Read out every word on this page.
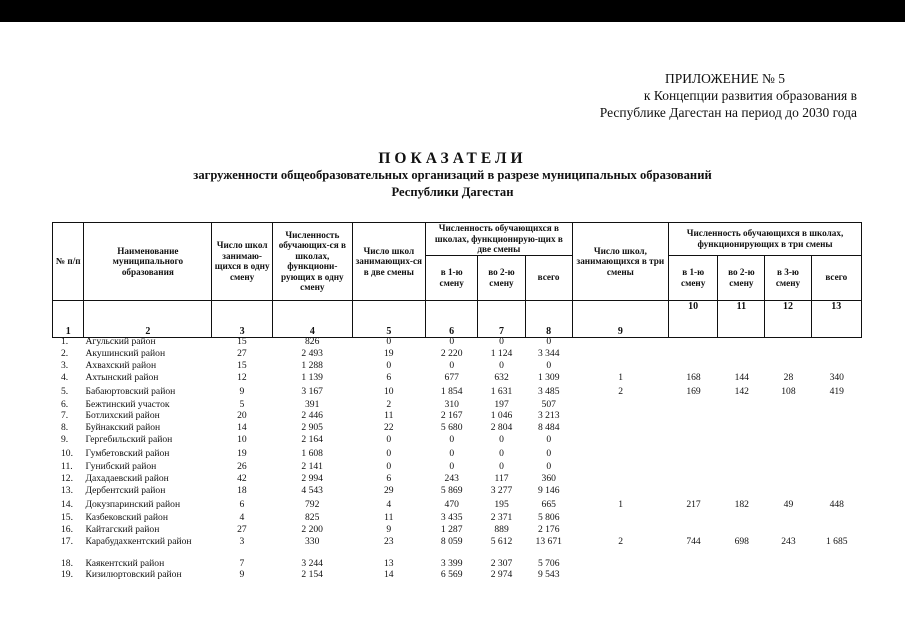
ПРИЛОЖЕНИЕ № 5
к Концепции развития образования в
Республике Дагестан на период до 2030 года
ПОКАЗАТЕЛИ
загруженности общеобразовательных организаций в разрезе муниципальных образований
Республики Дагестан
№ п/п	Наименование муниципального образования	Число школ занимаю-щихся в одну смену	Численность обучающих-ся в школах, функциони-рующих в одну смену	Число школ занимающих-ся в две смены	Численность обучающихся в школах, функционирую-щих в две смены			Число школ, занимающихся в три смены	Численность обучающихся в школах, функционирующих в три смены			
					в 1-ю смену	во 2-ю смену	всего		в 1-ю смену	во 2-ю смену	в 3-ю смену	всего
1	2	3	4	5	6	7	8	9	10	11	12	13
1.	Агульский район	15	826	0	0	0	0					
2.	Акушинский район	27	2 493	19	2 220	1 124	3 344					
3.	Ахвахский район	15	1 288	0	0	0	0					
4.	Ахтынский район	12	1 139	6	677	632	1 309	1	168	144	28	340
5.	Бабаюртовский район	9	3 167	10	1 854	1 631	3 485	2	169	142	108	419
6.	Бежтинский участок	5	391	2	310	197	507					
7.	Ботлихский район	20	2 446	11	2 167	1 046	3 213					
8.	Буйнакский район	14	2 905	22	5 680	2 804	8 484					
9.	Гергебильский район	10	2 164	0	0	0	0					
10.	Гумбетовский район	19	1 608	0	0	0	0					
11.	Гунибский район	26	2 141	0	0	0	0					
12.	Дахадаевский район	42	2 994	6	243	117	360					
13.	Дербентский район	18	4 543	29	5 869	3 277	9 146					
14.	Докузпаринский район	6	792	4	470	195	665	1	217	182	49	448
15.	Казбековский район	4	825	11	3 435	2 371	5 806					
16.	Кайтагский район	27	2 200	9	1 287	889	2 176					
17.	Карабудахкентский район	3	330	23	8 059	5 612	13 671	2	744	698	243	1 685
18.	Каякентский район	7	3 244	13	3 399	2 307	5 706					
19.	Кизилюртовский район	9	2 154	14	6 569	2 974	9 543					
